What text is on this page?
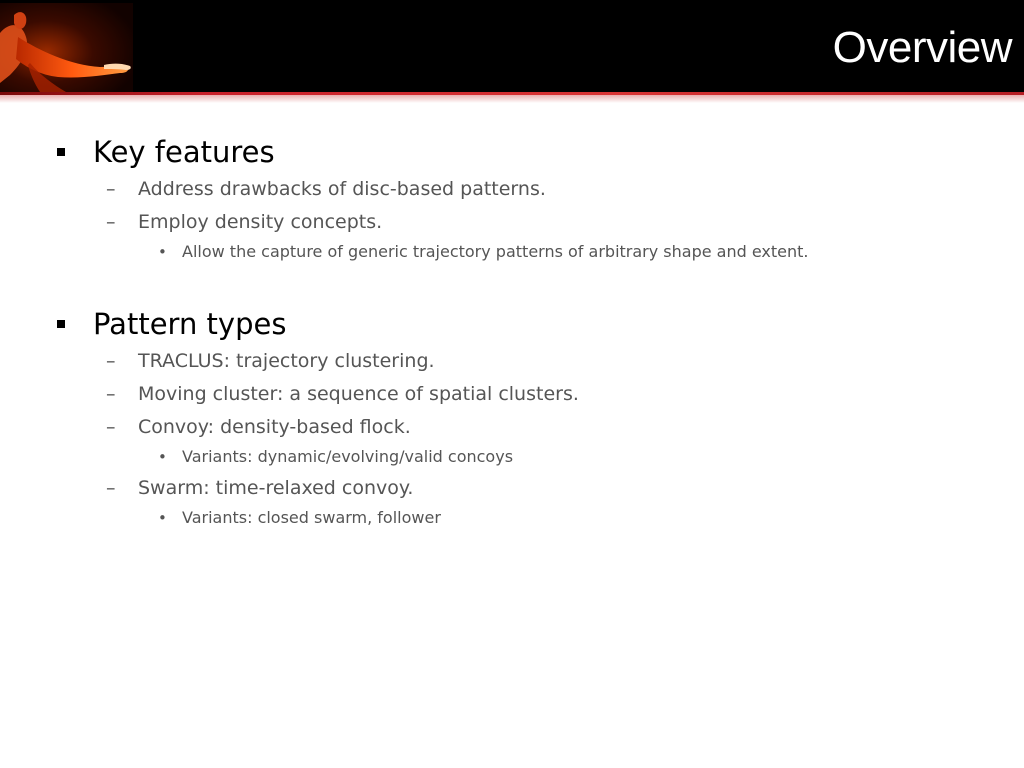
Overview
Key features
– Address drawbacks of disc-based patterns.
– Employ density concepts.
• Allow the capture of generic trajectory patterns of arbitrary shape and extent.
Pattern types
– TRACLUS: trajectory clustering.
– Moving cluster: a sequence of spatial clusters.
– Convoy: density-based flock.
• Variants: dynamic/evolving/valid concoys
– Swarm: time-relaxed convoy.
• Variants: closed swarm, follower
